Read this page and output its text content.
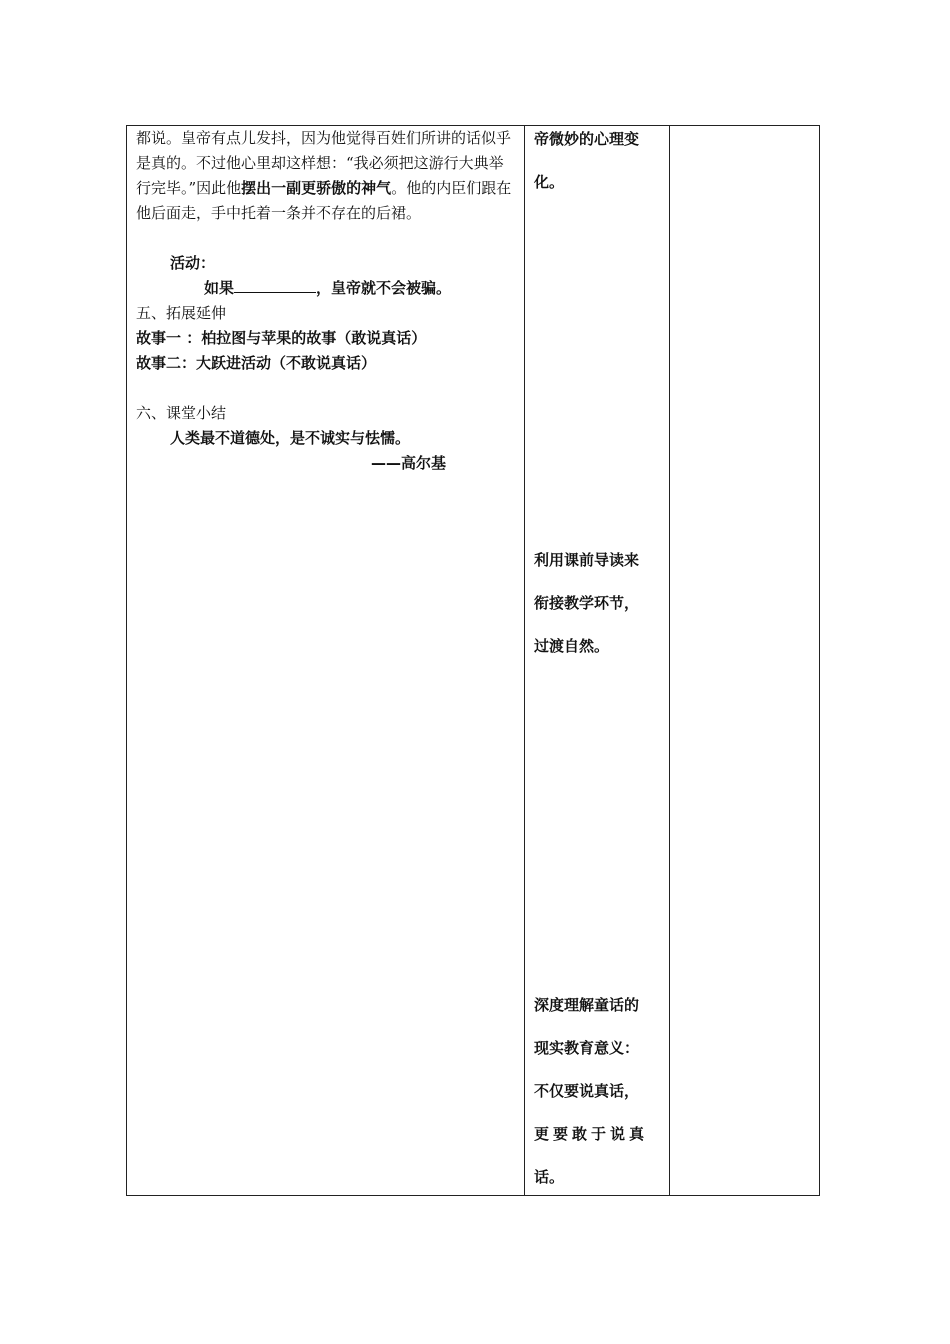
都说。皇帝有点儿发抖，因为他觉得百姓们所讲的话似乎是真的。不过他心里却这样想：“我必须把这游行大典举行完毕。”因此他摆出一副更骄傲的神气。他的内臣们跟在他后面走，手中托着一条并不存在的后裙。

活动：
如果	，皇帝就不会被骗。
五、拓展延伸
故事一 ：柏拉图与苹果的故事（敢说真话）
故事二：大跃进活动（不敢说真话）
六、课堂小结
人类最不道德处，是不诚实与怯懦。
——高尔基

帝微妙的心理变
化。
利用课前导读来
衔接教学环节，
过渡自然。
深度理解童话的
现实教育意义：
不仅要说真话，
更要敢于说真
话。
